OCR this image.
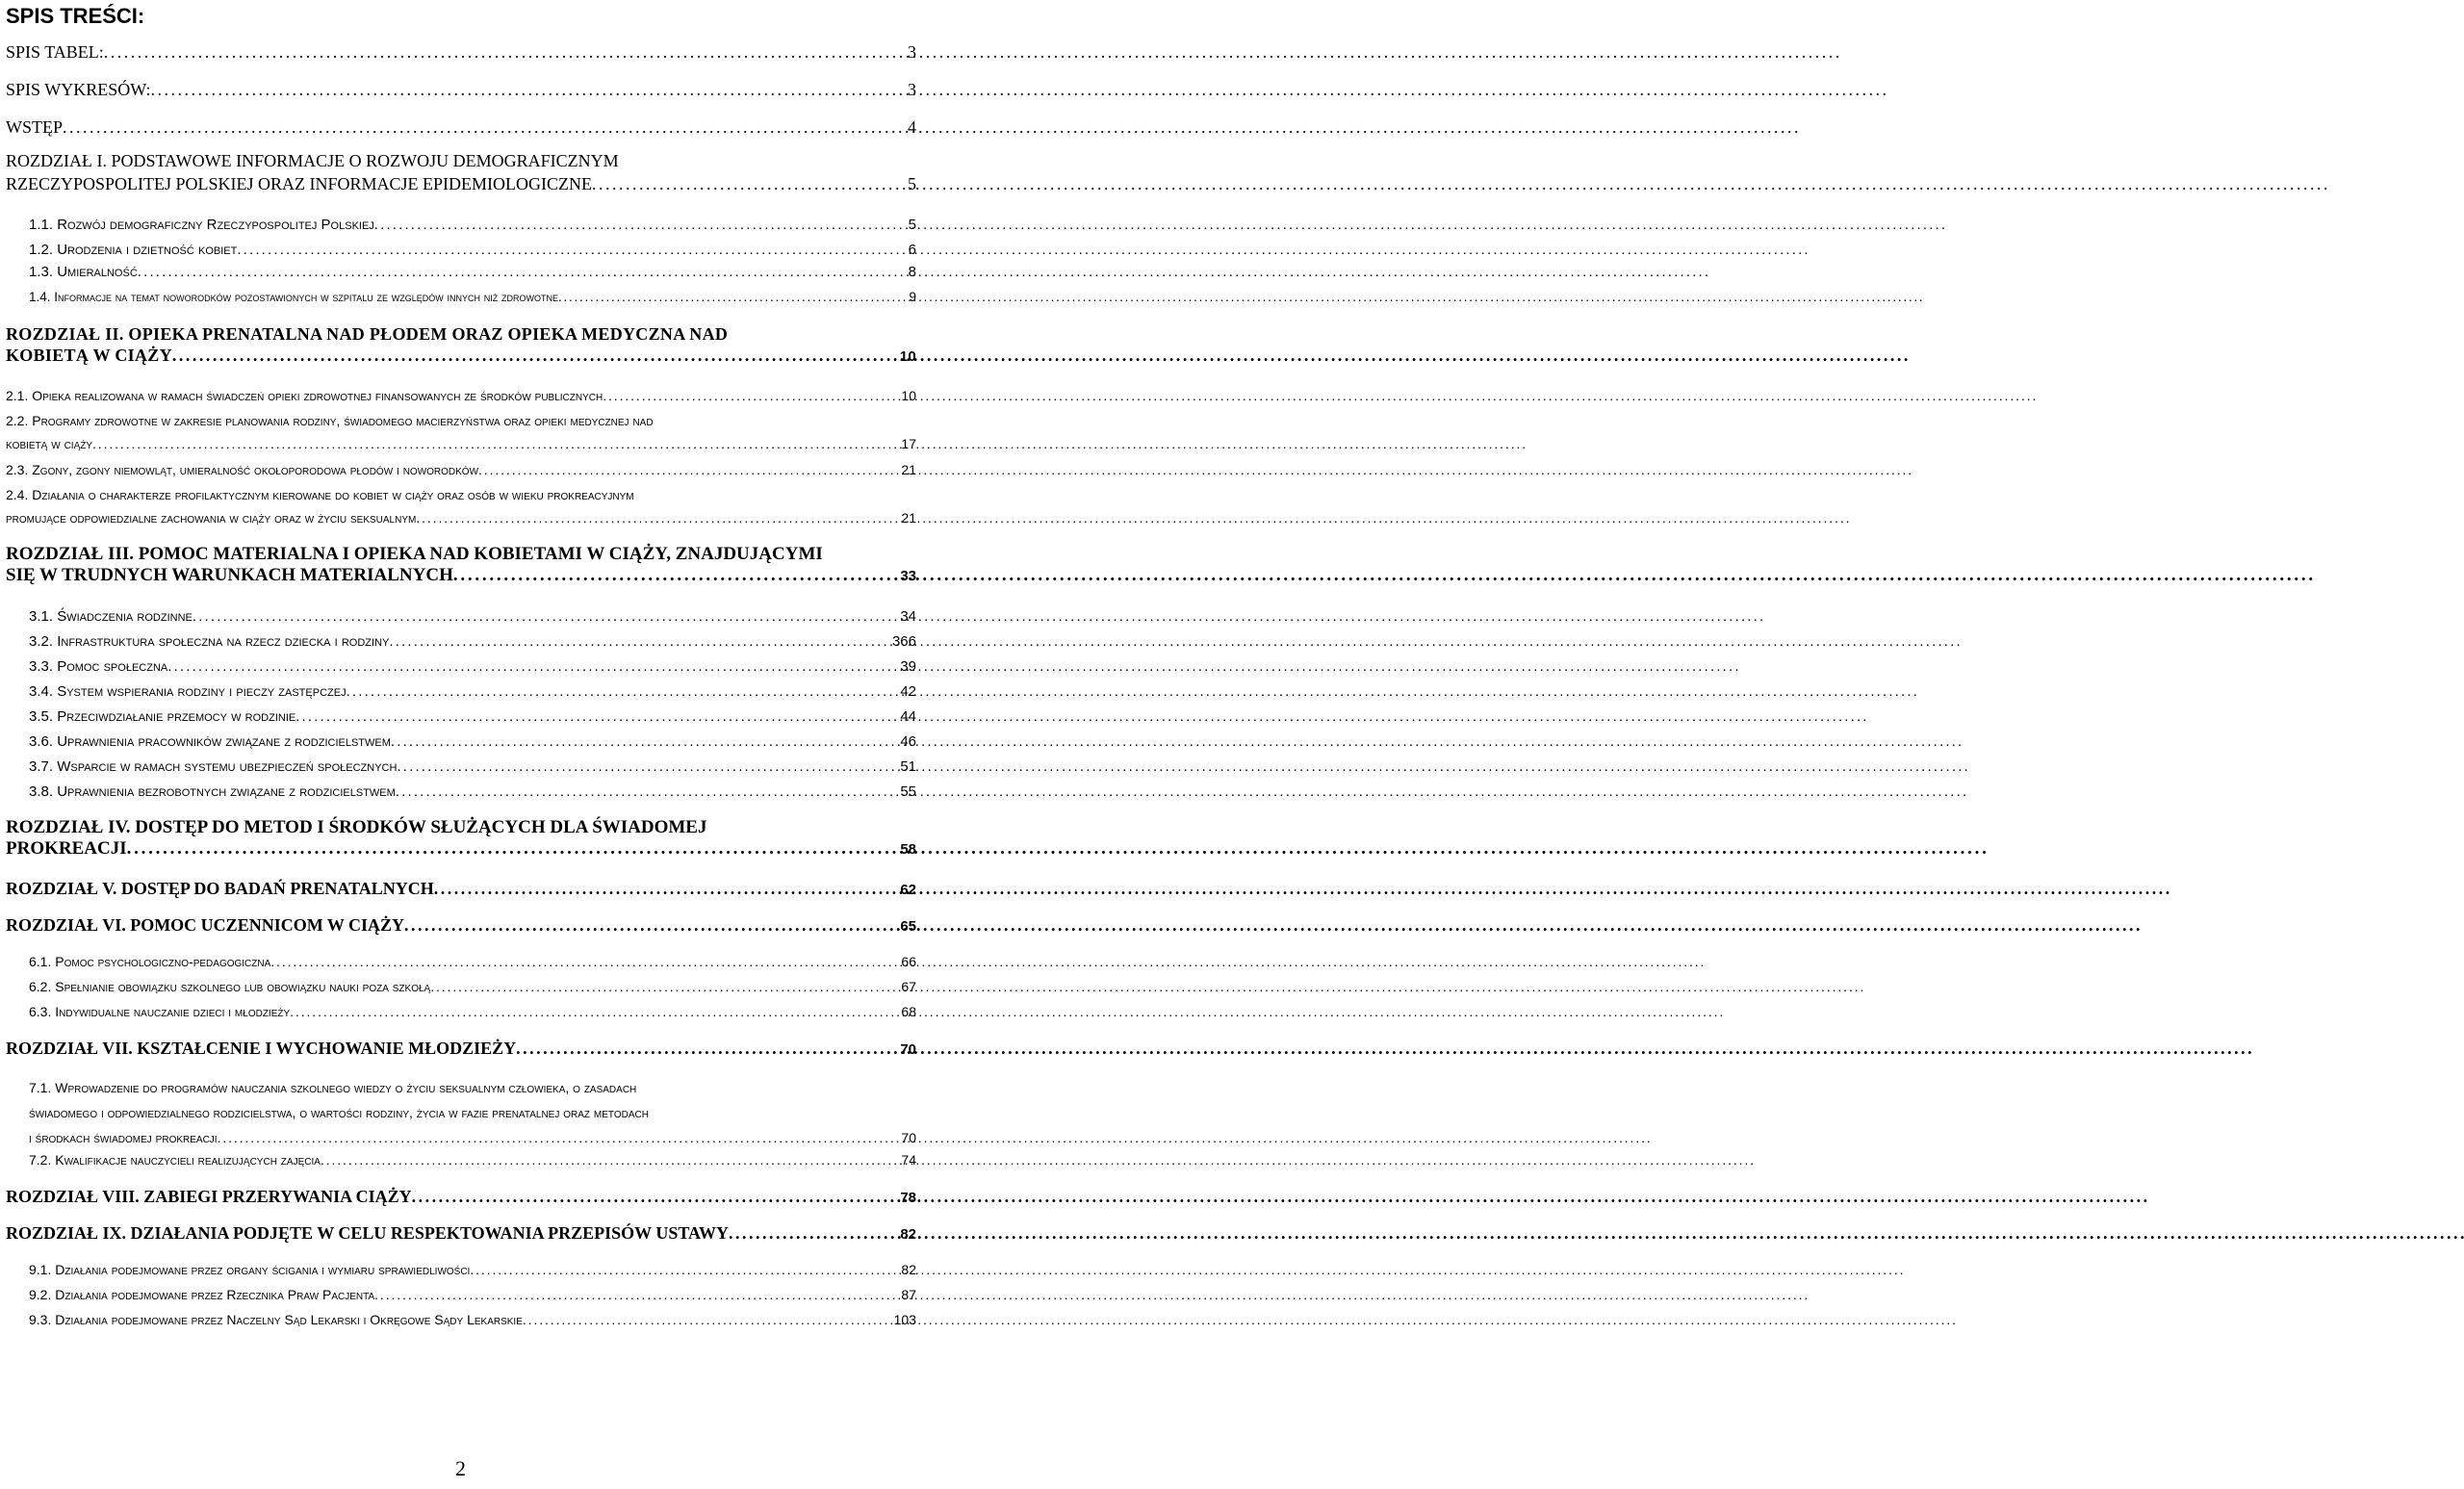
SPIS TREŚCI:
SPIS TABEL: . . .	3
SPIS WYKRESÓW: . . .	3
WSTĘP . . .	4
ROZDZIAŁ I. PODSTAWOWE INFORMACJE O ROZWOJU DEMOGRAFICZNYM
RZECZYPOSPOLITEJ POLSKIEJ ORAZ INFORMACJE EPIDEMIOLOGICZNE . . .	5
1.1.
Rozwój demograficzny Rzeczypospolitej Polskiej . . .	5
1.2.
Urodzenia i dzietność kobiet . . .	6
1.3.
Umieralność . . .	8
1.4.
Informacje na temat noworodków pozostawionych w szpitalu ze względów innych niż zdrowotne . . .	9
ROZDZIAŁ II. OPIEKA PRENATALNA NAD PŁODEM ORAZ OPIEKA MEDYCZNA NAD
KOBIETĄ W CIĄŻY . . .	10
2.1.
Opieka realizowana w ramach świadczeń opieki zdrowotnej finansowanych ze środków publicznych . . .	10
2.2.
Programy zdrowotne w zakresie planowania rodziny, świadomego macierzyństwa oraz opieki medycznej nad
kobietą w ciąży . . .	17
2.3.
Zgony, zgony niemowląt, umieralność okołoporodowa płodów i noworodków . . .	21
2.4.
Działania o charakterze profilaktycznym kierowane do kobiet w ciąży oraz osób w wieku prokreacyjnym
promujące odpowiedzialne zachowania w ciąży oraz w życiu seksualnym . . .	21
ROZDZIAŁ III. POMOC MATERIALNA I OPIEKA NAD KOBIETAMI W CIĄŻY, ZNAJDUJĄCYMI
SIĘ W TRUDNYCH WARUNKACH MATERIALNYCH . . .	33
3.1.
Świadczenia rodzinne . . .	34
3.2.
Infrastruktura społeczna na rzecz dziecka i rodziny . . .	366
3.3.
Pomoc społeczna . . .	39
3.4.
System wspierania rodziny i pieczy zastępczej . . .	42
3.5.
Przeciwdziałanie przemocy w rodzinie . . .	44
3.6.
Uprawnienia pracowników związane z rodzicielstwem . . .	46
3.7.
Wsparcie w ramach systemu ubezpieczeń społecznych . . .	51
3.8.
Uprawnienia bezrobotnych związane z rodzicielstwem . . .	55
ROZDZIAŁ IV. DOSTĘP DO METOD I ŚRODKÓW SŁUŻĄCYCH DLA ŚWIADOMEJ
PROKREACJI . . .	58
ROZDZIAŁ V. DOSTĘP DO BADAŃ PRENATALNYCH . . .	62
ROZDZIAŁ VI. POMOC UCZENNICOM W CIĄŻY . . .	65
6.1.
Pomoc psychologiczno-pedagogiczna . . .	66
6.2.
Spełnianie obowiązku szkolnego lub obowiązku nauki poza szkołą . . .	67
6.3.
Indywidualne nauczanie dzieci i młodzieży . . .	68
ROZDZIAŁ VII. KSZTAŁCENIE I WYCHOWANIE MŁODZIEŻY . . .	70
7.1.
Wprowadzenie do programów nauczania szkolnego wiedzy o życiu seksualnym człowieka, o zasadach
świadomego i odpowiedzialnego rodzicielstwa, o wartości rodziny, życia w fazie prenatalnej oraz metodach
i środkach świadomej prokreacji . . .	70
7.2.
Kwalifikacje nauczycieli realizujących zajęcia . . .	74
ROZDZIAŁ VIII. ZABIEGI PRZERYWANIA CIĄŻY . . .	78
ROZDZIAŁ IX. DZIAŁANIA PODJĘTE W CELU RESPEKTOWANIA PRZEPISÓW USTAWY . . .	82
9.1.
Działania podejmowane przez organy ścigania i wymiaru sprawiedliwości . . .	82
9.2.
Działania podejmowane przez Rzecznika Praw Pacjenta . . .	87
9.3.
Działania podejmowane przez Naczelny Sąd Lekarski i Okręgowe Sądy Lekarskie . . .	103
2
